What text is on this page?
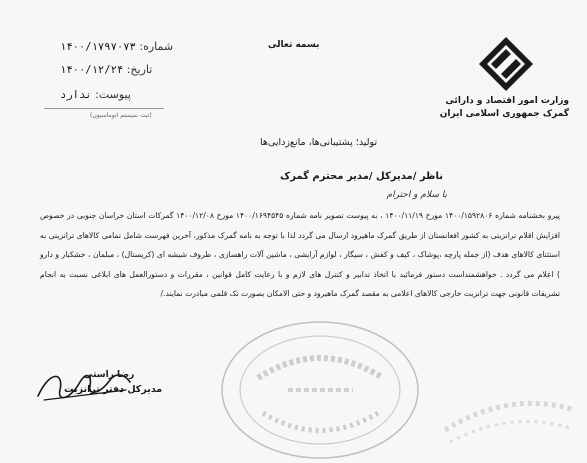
وزارت امور اقتصاد و دارائی
گمرک جمهوری اسلامی ایران
بسمه تعالی
شماره: ۱۴۰۰/۱۷۹۷۰۷۳
تاریخ: ۱۴۰۰/۱۲/۲۴
پیوست: ندارد
(ثبت سیستم اتوماسیون)
تولید؛ پشتیبانی‌ها، مانع‌زدایی‌ها
ناظر /مدیرکل /مدیر محترم گمرک
با سلام و احترام
پیرو بخشنامه شماره ۱۴۰۰/۱۵۹۲۸۰۶ مورخ ۱۴۰۰/۱۱/۱۹ ، به پیوست تصویر نامه شماره ۱۴۰۰/۱۶۹۴۵۴۵ مورخ ۱۴۰۰/۱۲/۰۸ گمرکات استان خراسان جنوبی در خصوص افزایش اقلام ترانزیتی به کشور افغانستان از طریق گمرک ماهیرود ارسال می گردد لذا با توجه به نامه گمرک مذکور، آخرین فهرست شامل تمامی کالاهای ترانزیتی به استثنای کالاهای هدف (از جمله پارچه ،پوشاک ، کیف و کفش ، سیگار ، لوازم آرایشی ، ماشین آلات راهسازی ، ظروف شیشه ای (کریستال) ، مبلمان ، خشکبار و دارو ) اعلام می گردد . خواهشمنداست دستور فرمائید با اتخاذ تدابیر و کنترل های لازم و با رعایت کامل قوانین ، مقررات و دستورالعمل های ابلاغی نسبت به انجام تشریفات قانونی جهت ترانزیت خارجی کالاهای اعلامی به مقصد گمرک ماهیرود و حتی الامکان بصورت تک قلمی مبادرت نمایند./
رضا راستی
مدیرکل دفتر ترانزیت
